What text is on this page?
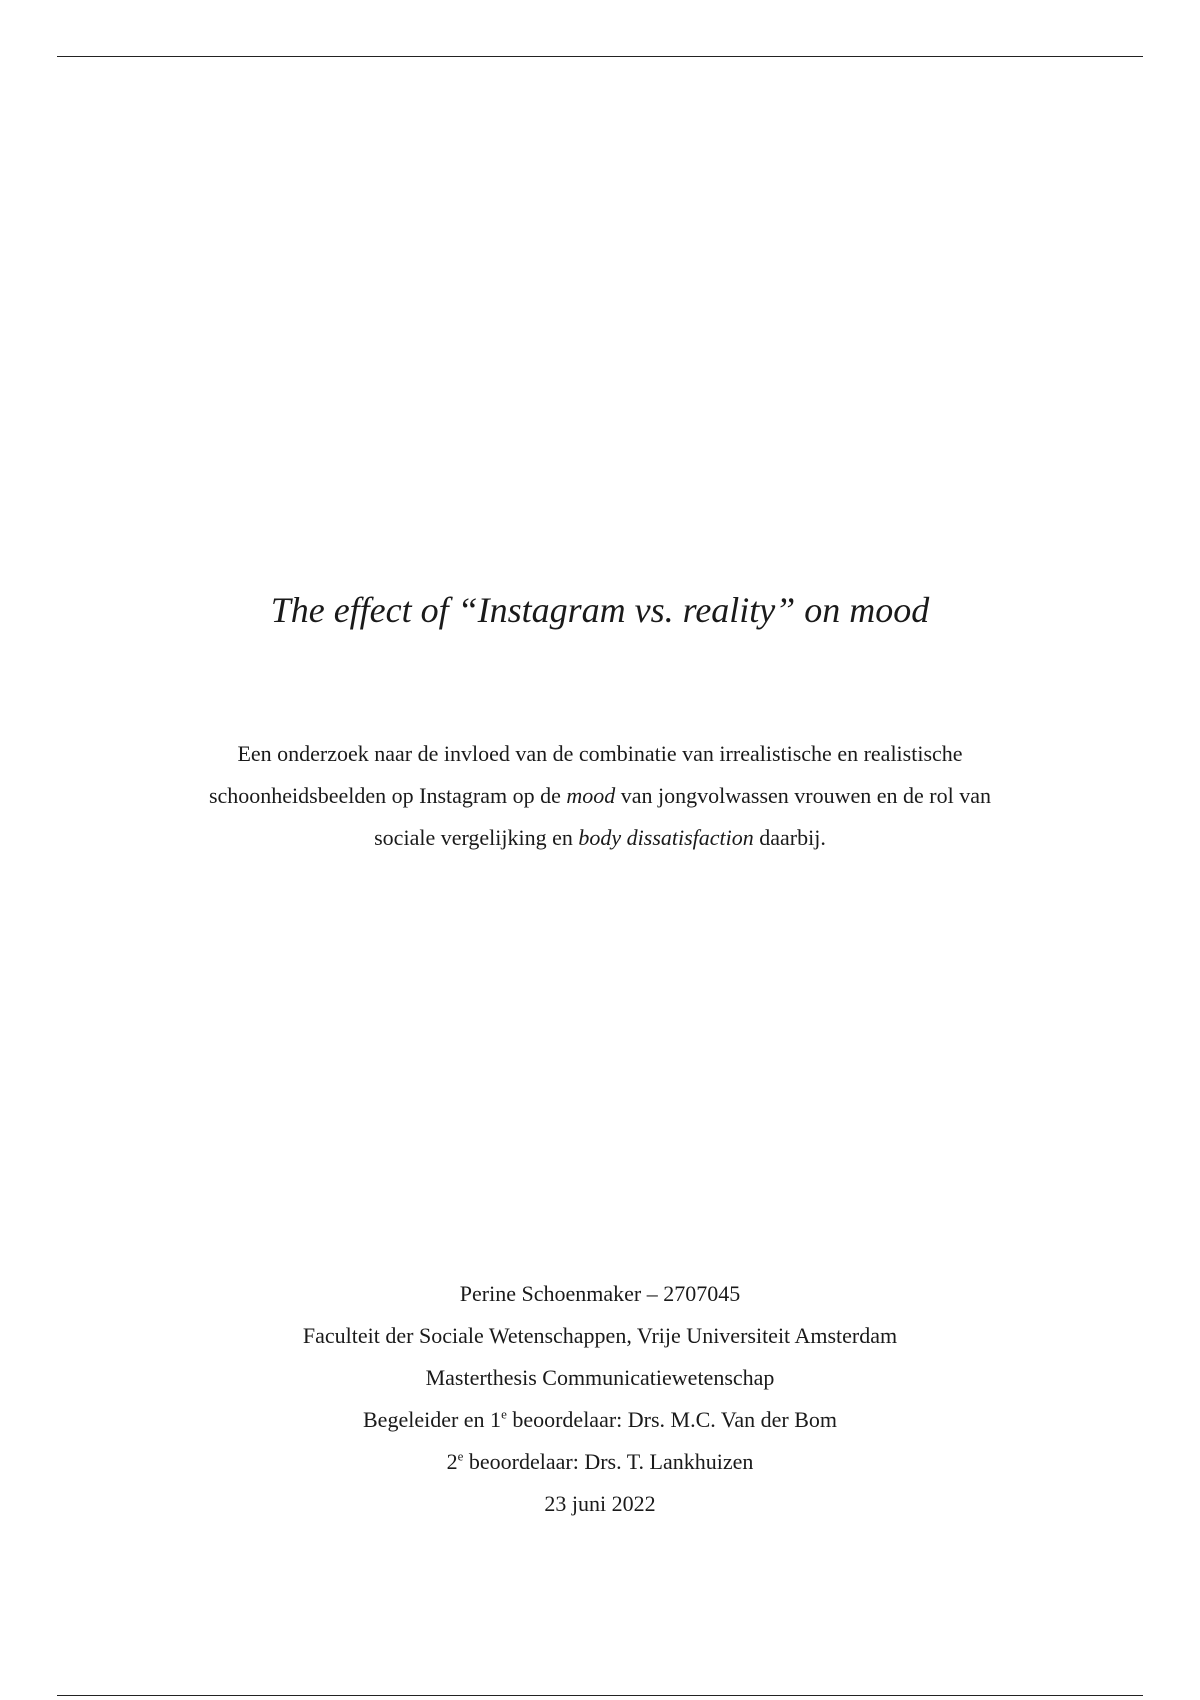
The effect of “Instagram vs. reality” on mood
Een onderzoek naar de invloed van de combinatie van irrealistische en realistische
schoonheidsbeelden op Instagram op de mood van jongvolwassen vrouwen en de rol van
sociale vergelijking en body dissatisfaction daarbij.
Perine Schoenmaker – 2707045
Faculteit der Sociale Wetenschappen, Vrije Universiteit Amsterdam
Masterthesis Communicatiewetenschap
Begeleider en 1e beoordelaar: Drs. M.C. Van der Bom
2e beoordelaar: Drs. T. Lankhuizen
23 juni 2022
